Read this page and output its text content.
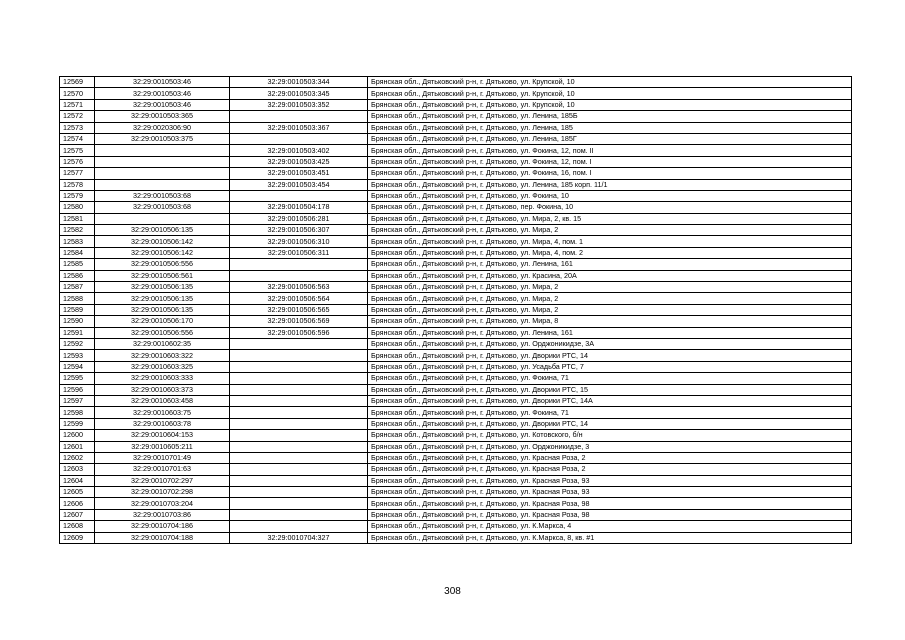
12569	32:29:0010503:46	32:29:0010503:344	Брянская обл., Дятьковский р-н, г. Дятьково, ул. Крупской, 10
12570	32:29:0010503:46	32:29:0010503:345	Брянская обл., Дятьковский р-н, г. Дятьково, ул. Крупской, 10
12571	32:29:0010503:46	32:29:0010503:352	Брянская обл., Дятьковский р-н, г. Дятьково, ул. Крупской, 10
12572	32:29:0010503:365		Брянская обл., Дятьковский р-н, г. Дятьково, ул. Ленина, 185Б
12573	32:29:0020306:90	32:29:0010503:367	Брянская обл., Дятьковский р-н, г. Дятьково, ул. Ленина, 185
12574	32:29:0010503:375		Брянская обл., Дятьковский р-н, г. Дятьково, ул. Ленина, 185Г
12575		32:29:0010503:402	Брянская обл., Дятьковский р-н, г. Дятьково, ул. Фокина, 12, пом. II
12576		32:29:0010503:425	Брянская обл., Дятьковский р-н, г. Дятьково, ул. Фокина, 12, пом. I
12577		32:29:0010503:451	Брянская обл., Дятьковский р-н, г. Дятьково, ул. Фокина, 16, пом. I
12578		32:29:0010503:454	Брянская обл., Дятьковский р-н, г. Дятьково, ул. Ленина, 185 корп. 11/1
12579	32:29:0010503:68		Брянская обл., Дятьковский р-н, г. Дятьково, ул. Фокина, 10
12580	32:29:0010503:68	32:29:0010504:178	Брянская обл., Дятьковский р-н, г. Дятьково, пер. Фокина, 10
12581		32:29:0010506:281	Брянская обл., Дятьковский р-н, г. Дятьково, ул. Мира, 2, кв. 15
12582	32:29:0010506:135	32:29:0010506:307	Брянская обл., Дятьковский р-н, г. Дятьково, ул. Мира, 2
12583	32:29:0010506:142	32:29:0010506:310	Брянская обл., Дятьковский р-н, г. Дятьково, ул. Мира, 4, пом. 1
12584	32:29:0010506:142	32:29:0010506:311	Брянская обл., Дятьковский р-н, г. Дятьково, ул. Мира, 4, пом. 2
12585	32:29:0010506:556		Брянская обл., Дятьковский р-н, г. Дятьково, ул. Ленина, 161
12586	32:29:0010506:561		Брянская обл., Дятьковский р-н, г. Дятьково, ул. Красина, 20А
12587	32:29:0010506:135	32:29:0010506:563	Брянская обл., Дятьковский р-н, г. Дятьково, ул. Мира, 2
12588	32:29:0010506:135	32:29:0010506:564	Брянская обл., Дятьковский р-н, г. Дятьково, ул. Мира, 2
12589	32:29:0010506:135	32:29:0010506:565	Брянская обл., Дятьковский р-н, г. Дятьково, ул. Мира, 2
12590	32:29:0010506:170	32:29:0010506:569	Брянская обл., Дятьковский р-н, г. Дятьково, ул. Мира, 8
12591	32:29:0010506:556	32:29:0010506:596	Брянская обл., Дятьковский р-н, г. Дятьково, ул. Ленина, 161
12592	32:29:0010602:35		Брянская обл., Дятьковский р-н, г. Дятьково, ул. Орджоникидзе, 3А
12593	32:29:0010603:322		Брянская обл., Дятьковский р-н, г. Дятьково, ул. Дворики РТС, 14
12594	32:29:0010603:325		Брянская обл., Дятьковский р-н, г. Дятьково, ул. Усадьба РТС, 7
12595	32:29:0010603:333		Брянская обл., Дятьковский р-н, г. Дятьково, ул. Фокина, 71
12596	32:29:0010603:373		Брянская обл., Дятьковский р-н, г. Дятьково, ул. Дворики РТС, 15
12597	32:29:0010603:458		Брянская обл., Дятьковский р-н, г. Дятьково, ул. Дворики РТС, 14А
12598	32:29:0010603:75		Брянская обл., Дятьковский р-н, г. Дятьково, ул. Фокина, 71
12599	32:29:0010603:78		Брянская обл., Дятьковский р-н, г. Дятьково, ул. Дворики РТС, 14
12600	32:29:0010604:153		Брянская обл., Дятьковский р-н, г. Дятьково, ул. Котовского, б/н
12601	32:29:0010605:211		Брянская обл., Дятьковский р-н, г. Дятьково, ул. Орджоникидзе, 3
12602	32:29:0010701:49		Брянская обл., Дятьковский р-н, г. Дятьково, ул. Красная Роза, 2
12603	32:29:0010701:63		Брянская обл., Дятьковский р-н, г. Дятьково, ул. Красная Роза, 2
12604	32:29:0010702:297		Брянская обл., Дятьковский р-н, г. Дятьково, ул. Красная Роза, 93
12605	32:29:0010702:298		Брянская обл., Дятьковский р-н, г. Дятьково, ул. Красная Роза, 93
12606	32:29:0010703:204		Брянская обл., Дятьковский р-н, г. Дятьково, ул. Красная Роза, 98
12607	32:29:0010703:86		Брянская обл., Дятьковский р-н, г. Дятьково, ул. Красная Роза, 98
12608	32:29:0010704:186		Брянская обл., Дятьковский р-н, г. Дятьково, ул. К.Маркса, 4
12609	32:29:0010704:188	32:29:0010704:327	Брянская обл., Дятьковский р-н, г. Дятьково, ул. К.Маркса, 8, кв. #1
308
